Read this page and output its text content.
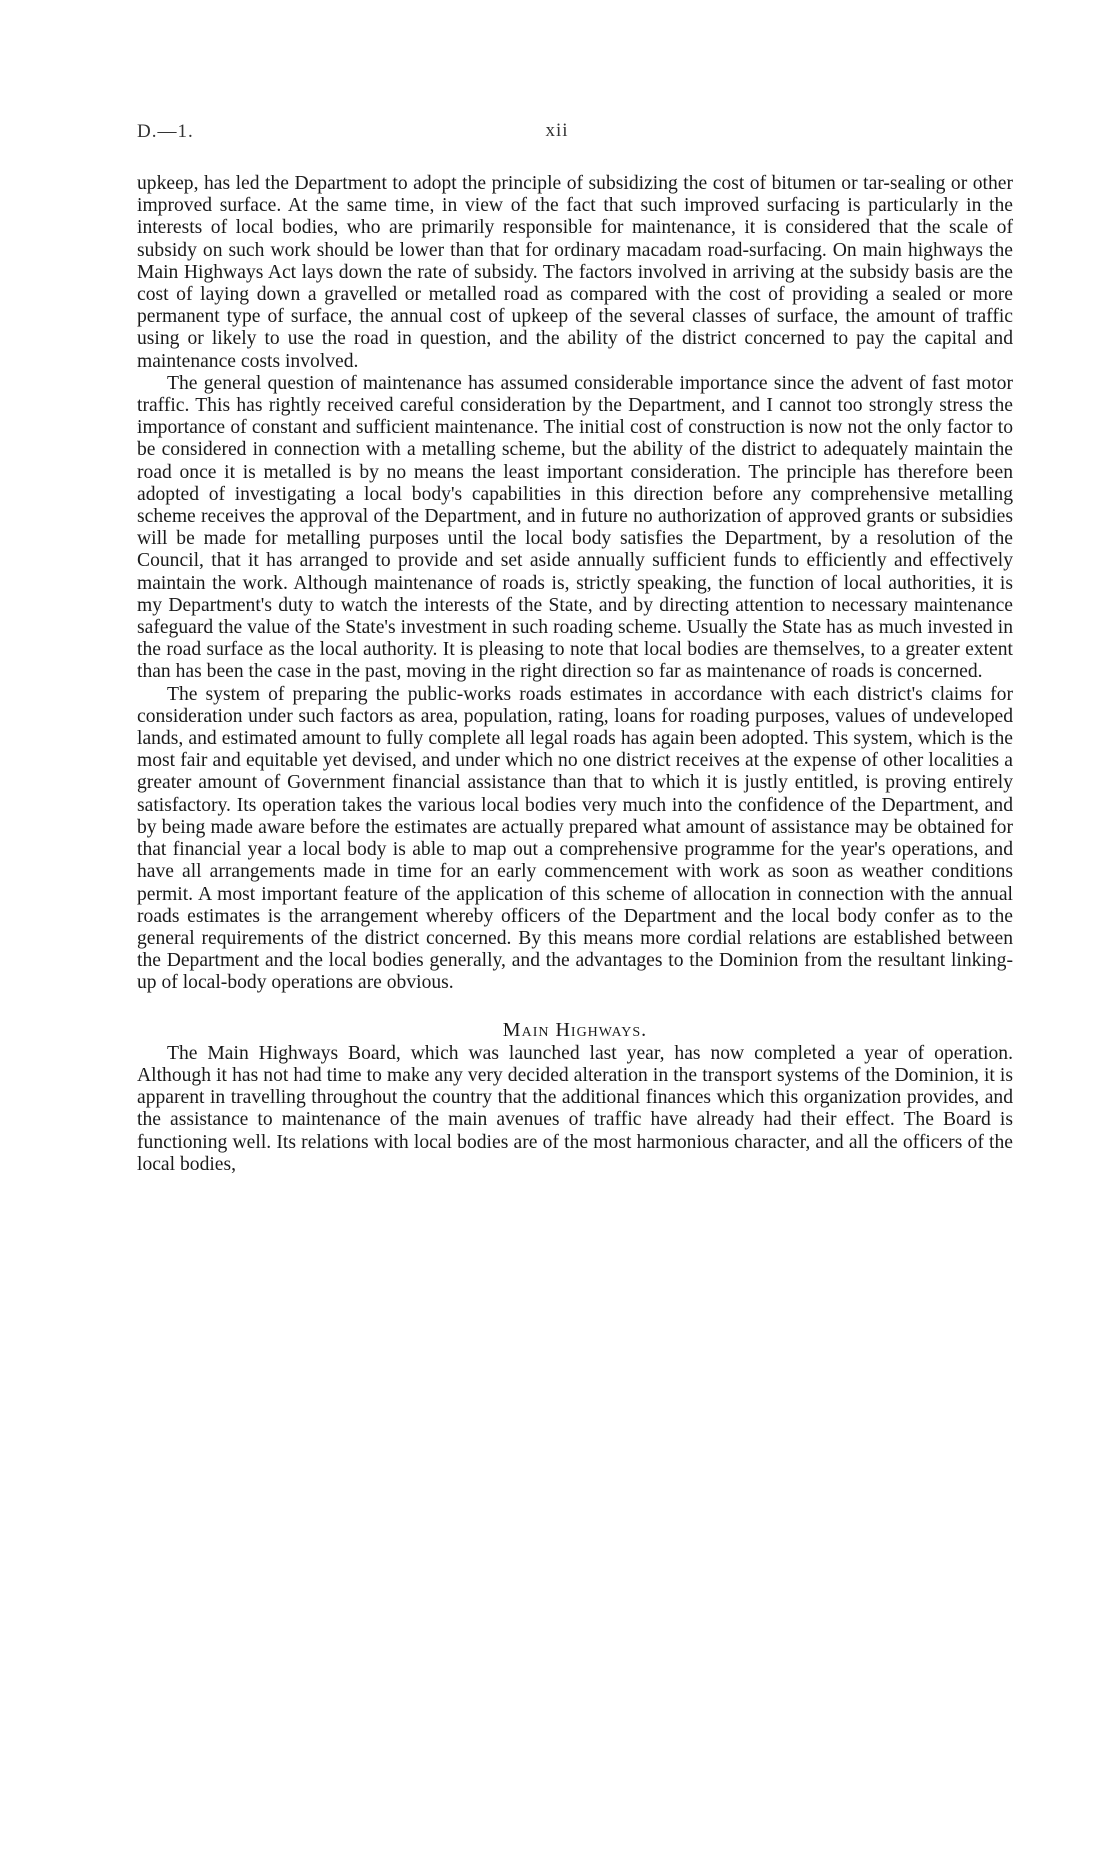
D.—1.	xii

upkeep, has led the Department to adopt the principle of subsidizing the cost of bitumen or tar-sealing or other improved surface. At the same time, in view of the fact that such improved surfacing is particularly in the interests of local bodies, who are primarily responsible for maintenance, it is considered that the scale of subsidy on such work should be lower than that for ordinary macadam road-surfacing. On main highways the Main Highways Act lays down the rate of subsidy. The factors involved in arriving at the subsidy basis are the cost of laying down a gravelled or metalled road as compared with the cost of providing a sealed or more permanent type of surface, the annual cost of upkeep of the several classes of surface, the amount of traffic using or likely to use the road in question, and the ability of the district concerned to pay the capital and maintenance costs involved.

The general question of maintenance has assumed considerable importance since the advent of fast motor traffic. This has rightly received careful consideration by the Department, and I cannot too strongly stress the importance of constant and sufficient maintenance. The initial cost of construction is now not the only factor to be considered in connection with a metalling scheme, but the ability of the district to adequately maintain the road once it is metalled is by no means the least important consideration. The principle has therefore been adopted of investigating a local body's capabilities in this direction before any comprehensive metalling scheme receives the approval of the Department, and in future no authorization of approved grants or subsidies will be made for metalling purposes until the local body satisfies the Department, by a resolution of the Council, that it has arranged to provide and set aside annually sufficient funds to efficiently and effectively maintain the work. Although maintenance of roads is, strictly speaking, the function of local authorities, it is my Department's duty to watch the interests of the State, and by directing attention to necessary maintenance safeguard the value of the State's investment in such roading scheme. Usually the State has as much invested in the road surface as the local authority. It is pleasing to note that local bodies are themselves, to a greater extent than has been the case in the past, moving in the right direction so far as maintenance of roads is concerned.

The system of preparing the public-works roads estimates in accordance with each district's claims for consideration under such factors as area, population, rating, loans for roading purposes, values of undeveloped lands, and estimated amount to fully complete all legal roads has again been adopted. This system, which is the most fair and equitable yet devised, and under which no one district receives at the expense of other localities a greater amount of Government financial assistance than that to which it is justly entitled, is proving entirely satisfactory. Its operation takes the various local bodies very much into the confidence of the Department, and by being made aware before the estimates are actually prepared what amount of assistance may be obtained for that financial year a local body is able to map out a comprehensive programme for the year's operations, and have all arrangements made in time for an early commencement with work as soon as weather conditions permit. A most important feature of the application of this scheme of allocation in connection with the annual roads estimates is the arrangement whereby officers of the Department and the local body confer as to the general requirements of the district concerned. By this means more cordial relations are established between the Department and the local bodies generally, and the advantages to the Dominion from the resultant linking-up of local-body operations are obvious.

Main Highways.

The Main Highways Board, which was launched last year, has now completed a year of operation. Although it has not had time to make any very decided alteration in the transport systems of the Dominion, it is apparent in travelling throughout the country that the additional finances which this organization provides, and the assistance to maintenance of the main avenues of traffic have already had their effect. The Board is functioning well. Its relations with local bodies are of the most harmonious character, and all the officers of the local bodies,
